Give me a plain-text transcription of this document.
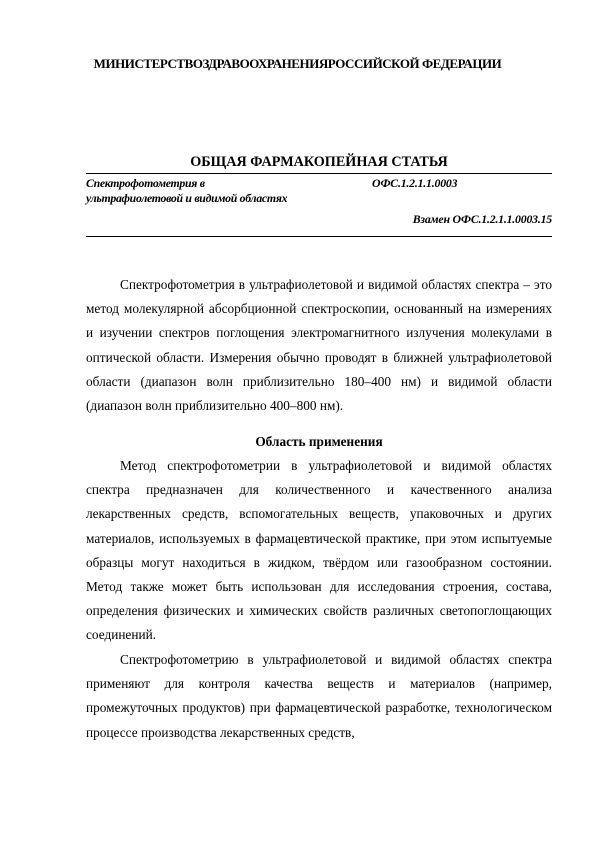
МИНИСТЕРСТВОЗДРАВООХРАНЕНИЯРОССИЙСКОЙ ФЕДЕРАЦИИ
ОБЩАЯ ФАРМАКОПЕЙНАЯ СТАТЬЯ
Спектрофотометрия в
ультрафиолетовой и видимой областях
ОФС.1.2.1.1.0003
Взамен ОФС.1.2.1.1.0003.15

Спектрофотометрия в ультрафиолетовой и видимой областях спектра – это метод молекулярной абсорбционной спектроскопии, основанный на измерениях и изучении спектров поглощения электромагнитного излучения молекулами в оптической области. Измерения обычно проводят в ближней ультрафиолетовой области (диапазон волн приблизительно 180–400 нм) и видимой области (диапазон волн приблизительно 400–800 нм).

Область применения

Метод спектрофотометрии в ультрафиолетовой и видимой областях спектра предназначен для количественного и качественного анализа лекарственных средств, вспомогательных веществ, упаковочных и других материалов, используемых в фармацевтической практике, при этом испытуемые образцы могут находиться в жидком, твёрдом или газообразном состоянии. Метод также может быть использован для исследования строения, состава, определения физических и химических свойств различных светопоглощающих соединений.

Спектрофотометрию в ультрафиолетовой и видимой областях спектра применяют для контроля качества веществ и материалов (например, промежуточных продуктов) при фармацевтической разработке, технологическом процессе производства лекарственных средств,
